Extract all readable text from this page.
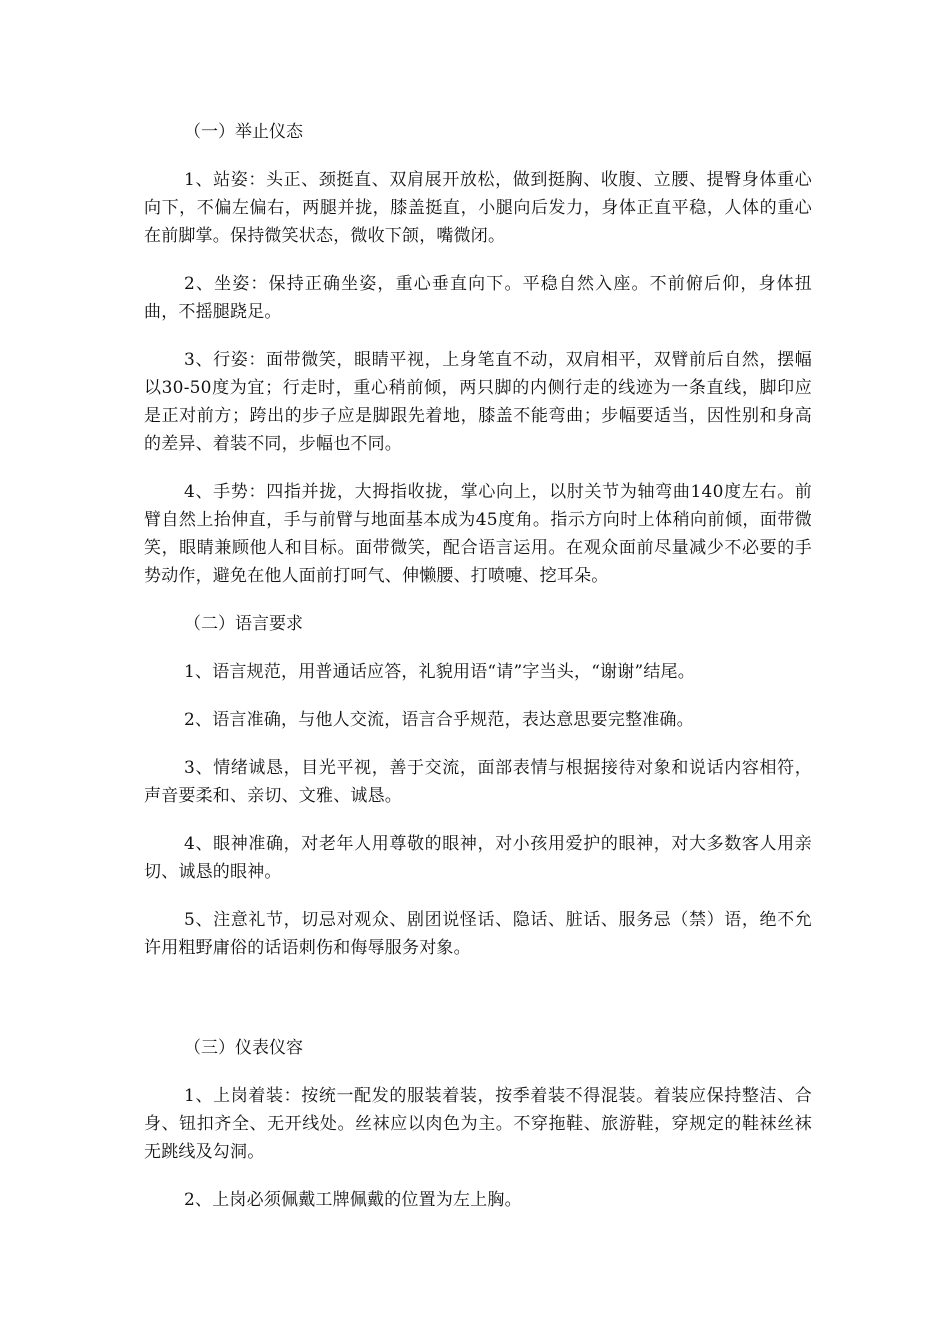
（一）举止仪态

1、站姿：头正、颈挺直、双肩展开放松，做到挺胸、收腹、立腰、提臀身体重心向下，不偏左偏右，两腿并拢，膝盖挺直，小腿向后发力，身体正直平稳，人体的重心在前脚掌。保持微笑状态，微收下颌，嘴微闭。

2、坐姿：保持正确坐姿，重心垂直向下。平稳自然入座。不前俯后仰，身体扭曲，不摇腿跷足。

3、行姿：面带微笑，眼睛平视，上身笔直不动，双肩相平，双臂前后自然，摆幅以30-50度为宜；行走时，重心稍前倾，两只脚的内侧行走的线迹为一条直线，脚印应是正对前方；跨出的步子应是脚跟先着地，膝盖不能弯曲；步幅要适当，因性别和身高的差异、着装不同，步幅也不同。

4、手势：四指并拢，大拇指收拢，掌心向上，以肘关节为轴弯曲140度左右。前臂自然上抬伸直，手与前臂与地面基本成为45度角。指示方向时上体稍向前倾，面带微笑，眼睛兼顾他人和目标。面带微笑，配合语言运用。在观众面前尽量减少不必要的手势动作，避免在他人面前打呵气、伸懒腰、打喷嚏、挖耳朵。

（二）语言要求

1、语言规范，用普通话应答，礼貌用语“请”字当头，“谢谢”结尾。

2、语言准确，与他人交流，语言合乎规范，表达意思要完整准确。

3、情绪诚恳，目光平视，善于交流，面部表情与根据接待对象和说话内容相符，声音要柔和、亲切、文雅、诚恳。

4、眼神准确，对老年人用尊敬的眼神，对小孩用爱护的眼神，对大多数客人用亲切、诚恳的眼神。

5、注意礼节，切忌对观众、剧团说怪话、隐话、脏话、服务忌（禁）语，绝不允许用粗野庸俗的话语刺伤和侮辱服务对象。

（三）仪表仪容

1、上岗着装：按统一配发的服装着装，按季着装不得混装。着装应保持整洁、合身、钮扣齐全、无开线处。丝袜应以肉色为主。不穿拖鞋、旅游鞋，穿规定的鞋袜丝袜无跳线及勾洞。

2、上岗必须佩戴工牌佩戴的位置为左上胸。
